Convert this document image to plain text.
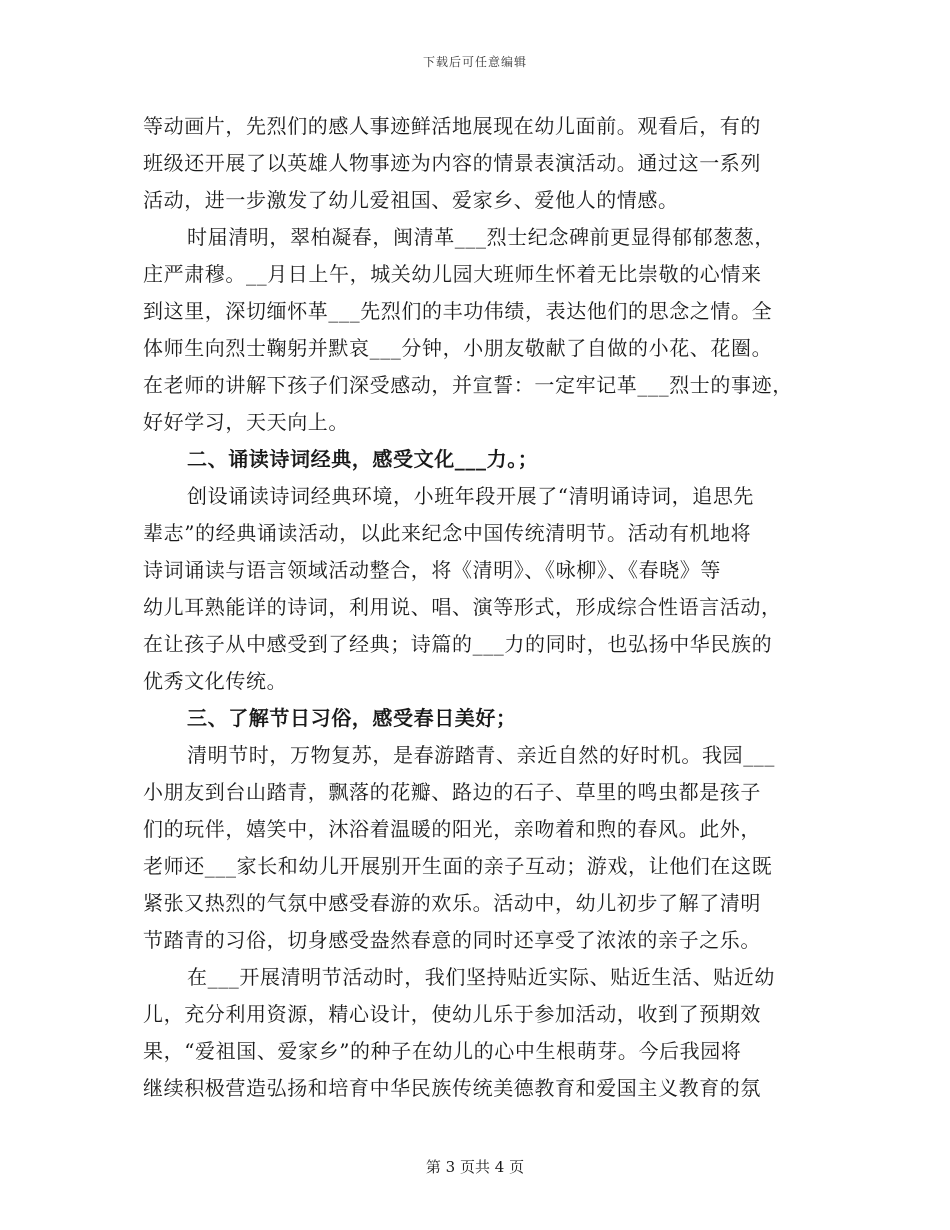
下载后可任意编辑
等动画片，先烈们的感人事迹鲜活地展现在幼儿面前。观看后，有的
班级还开展了以英雄人物事迹为内容的情景表演活动。通过这一系列
活动，进一步激发了幼儿爱祖国、爱家乡、爱他人的情感。
时届清明，翠柏凝春，闽清革___烈士纪念碑前更显得郁郁葱葱，
庄严肃穆。__月日上午，城关幼儿园大班师生怀着无比崇敬的心情来
到这里，深切缅怀革___先烈们的丰功伟绩，表达他们的思念之情。全
体师生向烈士鞠躬并默哀___分钟，小朋友敬献了自做的小花、花圈。
在老师的讲解下孩子们深受感动，并宣誓：一定牢记革___烈士的事迹，
好好学习，天天向上。
二、诵读诗词经典，感受文化___力。；
创设诵读诗词经典环境，小班年段开展了“清明诵诗词，追思先
辈志”的经典诵读活动，以此来纪念中国传统清明节。活动有机地将
诗词诵读与语言领域活动整合，将《清明》、《咏柳》、《春晓》等
幼儿耳熟能详的诗词，利用说、唱、演等形式，形成综合性语言活动，
在让孩子从中感受到了经典；诗篇的___力的同时，也弘扬中华民族的
优秀文化传统。
三、了解节日习俗，感受春日美好；
清明节时，万物复苏，是春游踏青、亲近自然的好时机。我园___
小朋友到台山踏青，飘落的花瓣、路边的石子、草里的鸣虫都是孩子
们的玩伴，嬉笑中，沐浴着温暖的阳光，亲吻着和煦的春风。此外，
老师还___家长和幼儿开展别开生面的亲子互动；游戏，让他们在这既
紧张又热烈的气氛中感受春游的欢乐。活动中，幼儿初步了解了清明
节踏青的习俗，切身感受盎然春意的同时还享受了浓浓的亲子之乐。
在___开展清明节活动时，我们坚持贴近实际、贴近生活、贴近幼
儿，充分利用资源，精心设计，使幼儿乐于参加活动，收到了预期效
果，“爱祖国、爱家乡”的种子在幼儿的心中生根萌芽。今后我园将
继续积极营造弘扬和培育中华民族传统美德教育和爱国主义教育的氛
第 3 页共 4 页
